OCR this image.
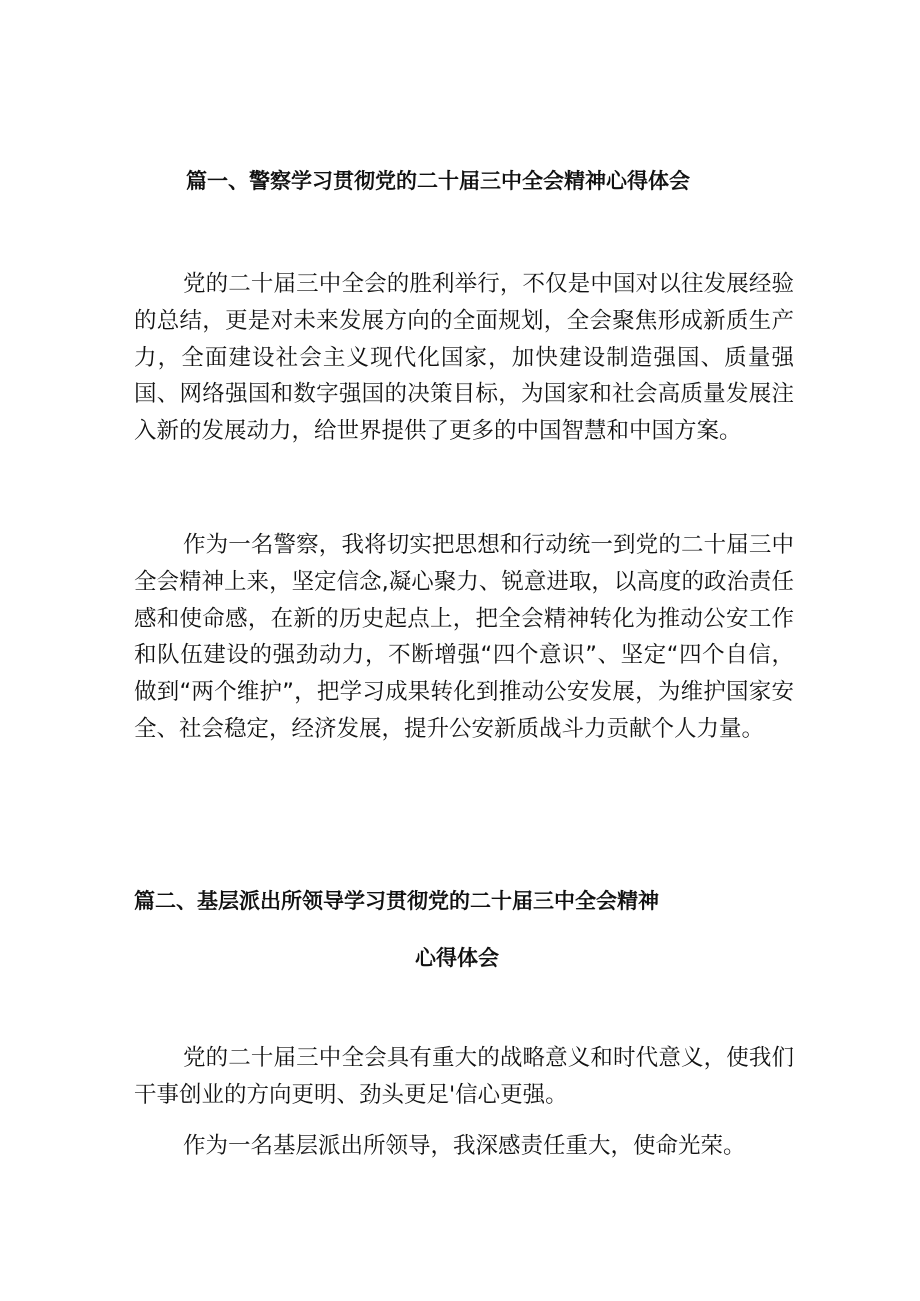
篇一、警察学习贯彻党的二十届三中全会精神心得体会

党的二十届三中全会的胜利举行，不仅是中国对以往发展经验的总结，更是对未来发展方向的全面规划，全会聚焦形成新质生产力，全面建设社会主义现代化国家，加快建设制造强国、质量强国、网络强国和数字强国的决策目标，为国家和社会高质量发展注入新的发展动力，给世界提供了更多的中国智慧和中国方案。

作为一名警察，我将切实把思想和行动统一到党的二十届三中全会精神上来，坚定信念,凝心聚力、锐意进取，以高度的政治责任感和使命感，在新的历史起点上，把全会精神转化为推动公安工作和队伍建设的强劲动力，不断增强“四个意识”、坚定“四个自信，做到“两个维护”，把学习成果转化到推动公安发展，为维护国家安全、社会稳定，经济发展，提升公安新质战斗力贡献个人力量。

篇二、基层派出所领导学习贯彻党的二十届三中全会精神
心得体会

党的二十届三中全会具有重大的战略意义和时代意义，使我们干事创业的方向更明、劲头更足'信心更强。

作为一名基层派出所领导，我深感责任重大，使命光荣。
